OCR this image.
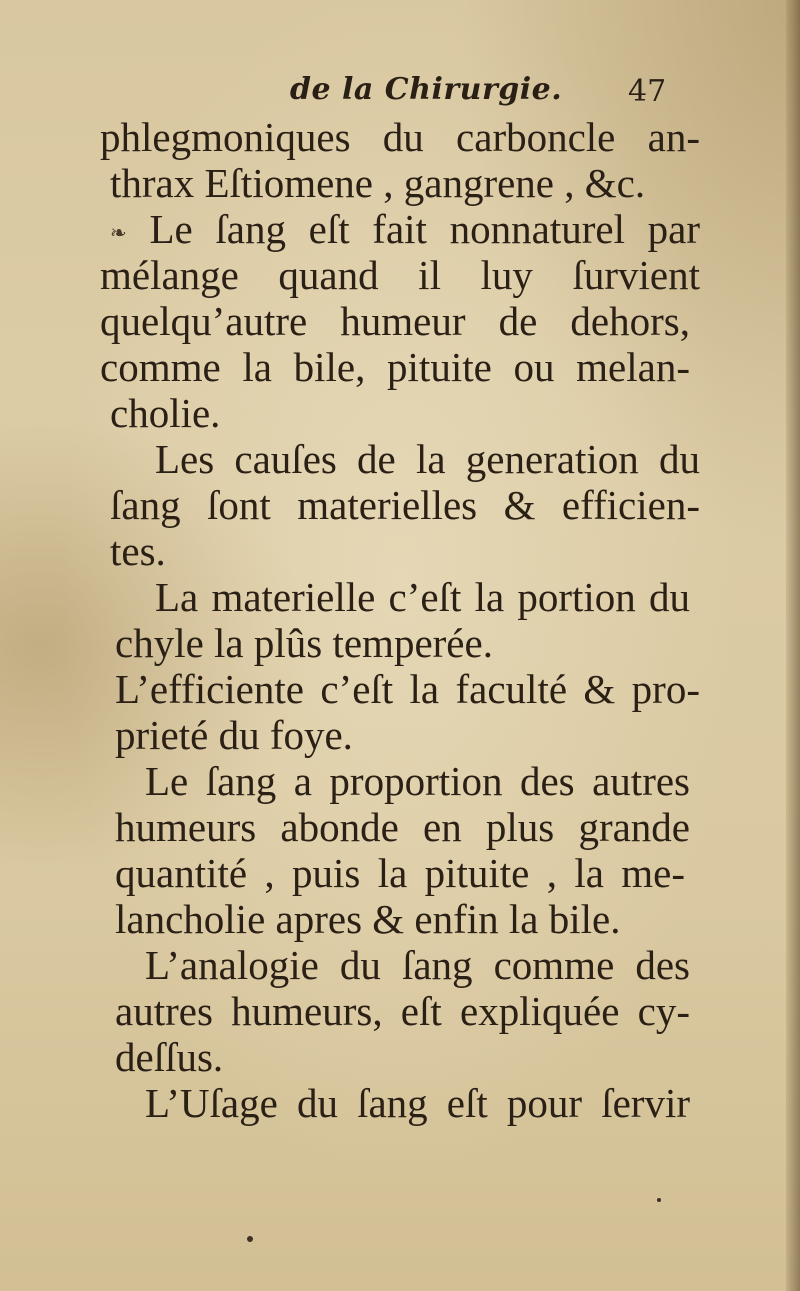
de la Chirurgie. 47
phlegmoniques du carboncle an-
thrax Eſtiomene , gangrene , &c.
❧ Le ſang eſt fait nonnaturel par
mélange quand il luy ſurvient
quelqu’autre humeur de dehors,
comme la bile, pituite ou melan-
cholie.
Les cauſes de la generation du
ſang ſont materielles & efficien-
tes.
La materielle c’eſt la portion du
chyle la plûs temperée.
L’efficiente c’eſt la faculté & pro-
prieté du foye.
Le ſang a proportion des autres
humeurs abonde en plus grande
quantité , puis la pituite , la me-
lancholie apres & enfin la bile.
L’analogie du ſang comme des
autres humeurs, eſt expliquée cy-
deſſus.
L’Uſage du ſang eſt pour ſervir
